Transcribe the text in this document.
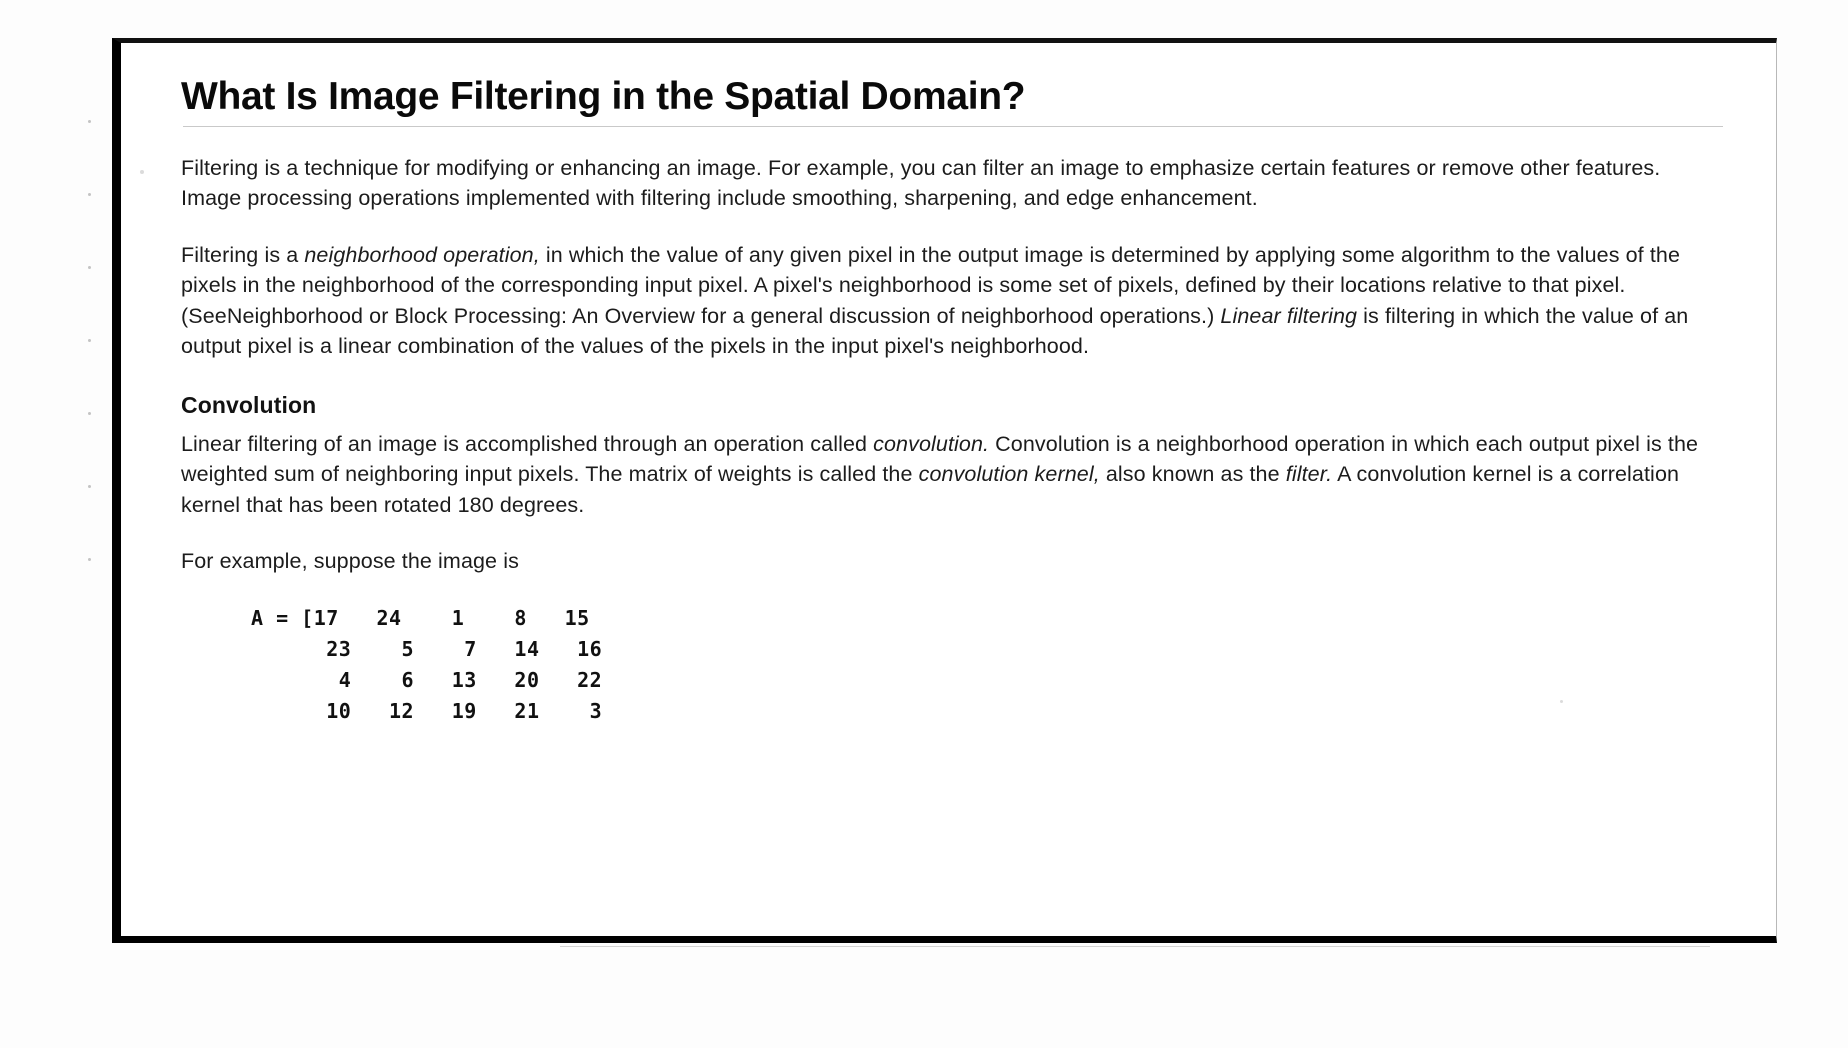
What Is Image Filtering in the Spatial Domain?

Filtering is a technique for modifying or enhancing an image. For example, you can filter an image to emphasize certain features or remove other features. Image processing operations implemented with filtering include smoothing, sharpening, and edge enhancement.

Filtering is a neighborhood operation, in which the value of any given pixel in the output image is determined by applying some algorithm to the values of the pixels in the neighborhood of the corresponding input pixel. A pixel's neighborhood is some set of pixels, defined by their locations relative to that pixel. (SeeNeighborhood or Block Processing: An Overview for a general discussion of neighborhood operations.) Linear filtering is filtering in which the value of an output pixel is a linear combination of the values of the pixels in the input pixel's neighborhood.

Convolution

Linear filtering of an image is accomplished through an operation called convolution. Convolution is a neighborhood operation in which each output pixel is the weighted sum of neighboring input pixels. The matrix of weights is called the convolution kernel, also known as the filter. A convolution kernel is a correlation kernel that has been rotated 180 degrees.

For example, suppose the image is

A = [17 24	1	8 15
23	5	7 14 16
4	6 13 20 22
10 12 19 21	3
